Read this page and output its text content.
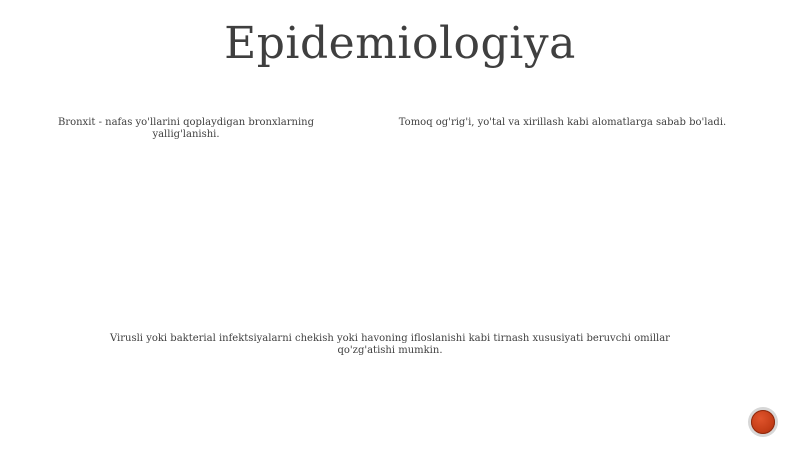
Epidemiologiya
Bronxit - nafas yo'llarini qoplaydigan bronxlarning yallig'lanishi.
Tomoq og'rig'i, yo'tal va xirillash kabi alomatlarga sabab bo'ladi.
Virusli yoki bakterial infektsiyalarni chekish yoki havoning ifloslanishi kabi tirnash xususiyati beruvchi omillar qo'zg'atishi mumkin.
